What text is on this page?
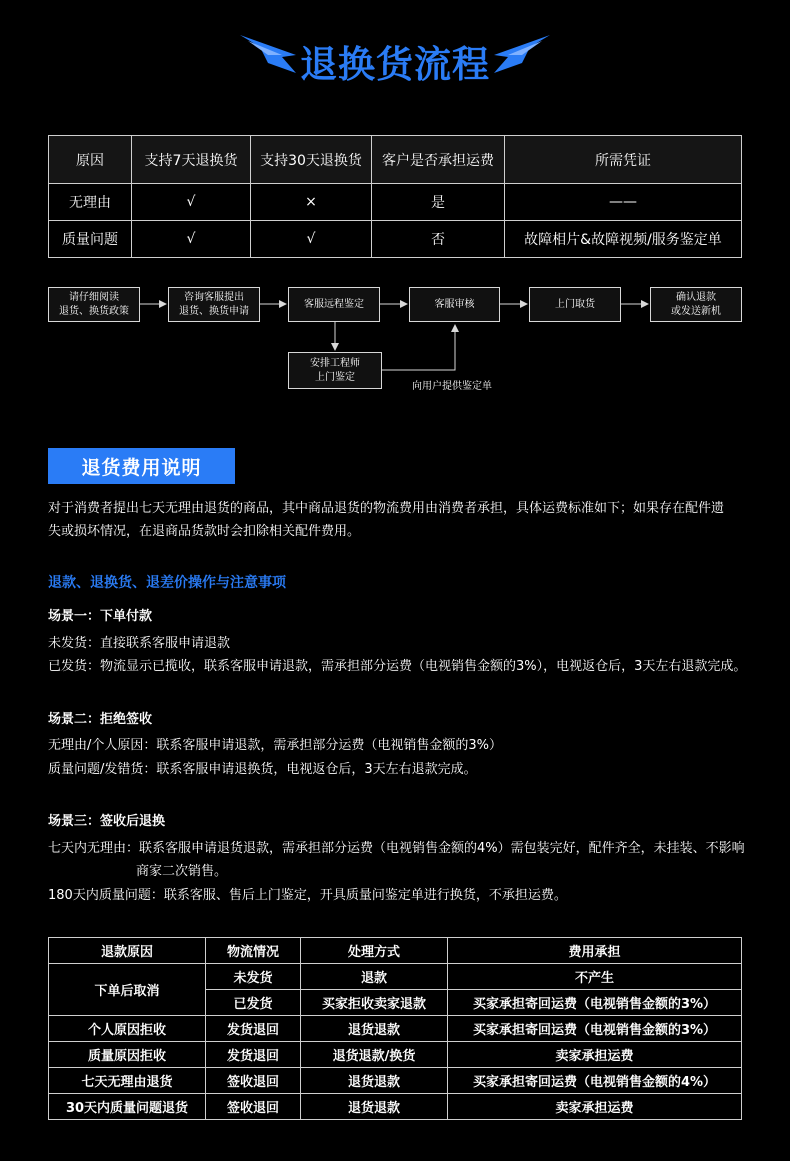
退换货流程
原因	支持7天退换货	支持30天退换货	客户是否承担运费	所需凭证
无理由	√	×	是	——
质量问题	√	√	否	故障相片&故障视频/服务鉴定单
请仔细阅读
退货、换货政策
咨询客服提出
退货、换货申请
客服远程鉴定	客服审核	上门取货
确认退款
或发送新机
安排工程师
上门鉴定
向用户提供鉴定单
退货费用说明
对于消费者提出七天无理由退货的商品，其中商品退货的物流费用由消费者承担，具体运费标准如下；如果存在配件遗
失或损坏情况，在退商品货款时会扣除相关配件费用。
退款、退换货、退差价操作与注意事项
场景一：下单付款
未发货：直接联系客服申请退款
已发货：物流显示已揽收，联系客服申请退款，需承担部分运费（电视销售金额的3%），电视返仓后，3天左右退款完成。
场景二：拒绝签收
无理由/个人原因：联系客服申请退款，需承担部分运费（电视销售金额的3%）
质量问题/发错货：联系客服申请退换货，电视返仓后，3天左右退款完成。
场景三：签收后退换
七天内无理由：联系客服申请退货退款，需承担部分运费（电视销售金额的4%）需包装完好，配件齐全，未挂装、不影响
商家二次销售。
180天内质量问题：联系客服、售后上门鉴定，开具质量问鉴定单进行换货，不承担运费。
退款原因	物流情况	处理方式	费用承担
下单后取消	未发货	退款	不产生
	已发货	买家拒收卖家退款	买家承担寄回运费（电视销售金额的3%）
个人原因拒收	发货退回	退货退款	买家承担寄回运费（电视销售金额的3%）
质量原因拒收	发货退回	退货退款/换货	卖家承担运费
七天无理由退货	签收退回	退货退款	买家承担寄回运费（电视销售金额的4%）
30天内质量问题退货	签收退回	退货退款	卖家承担运费
